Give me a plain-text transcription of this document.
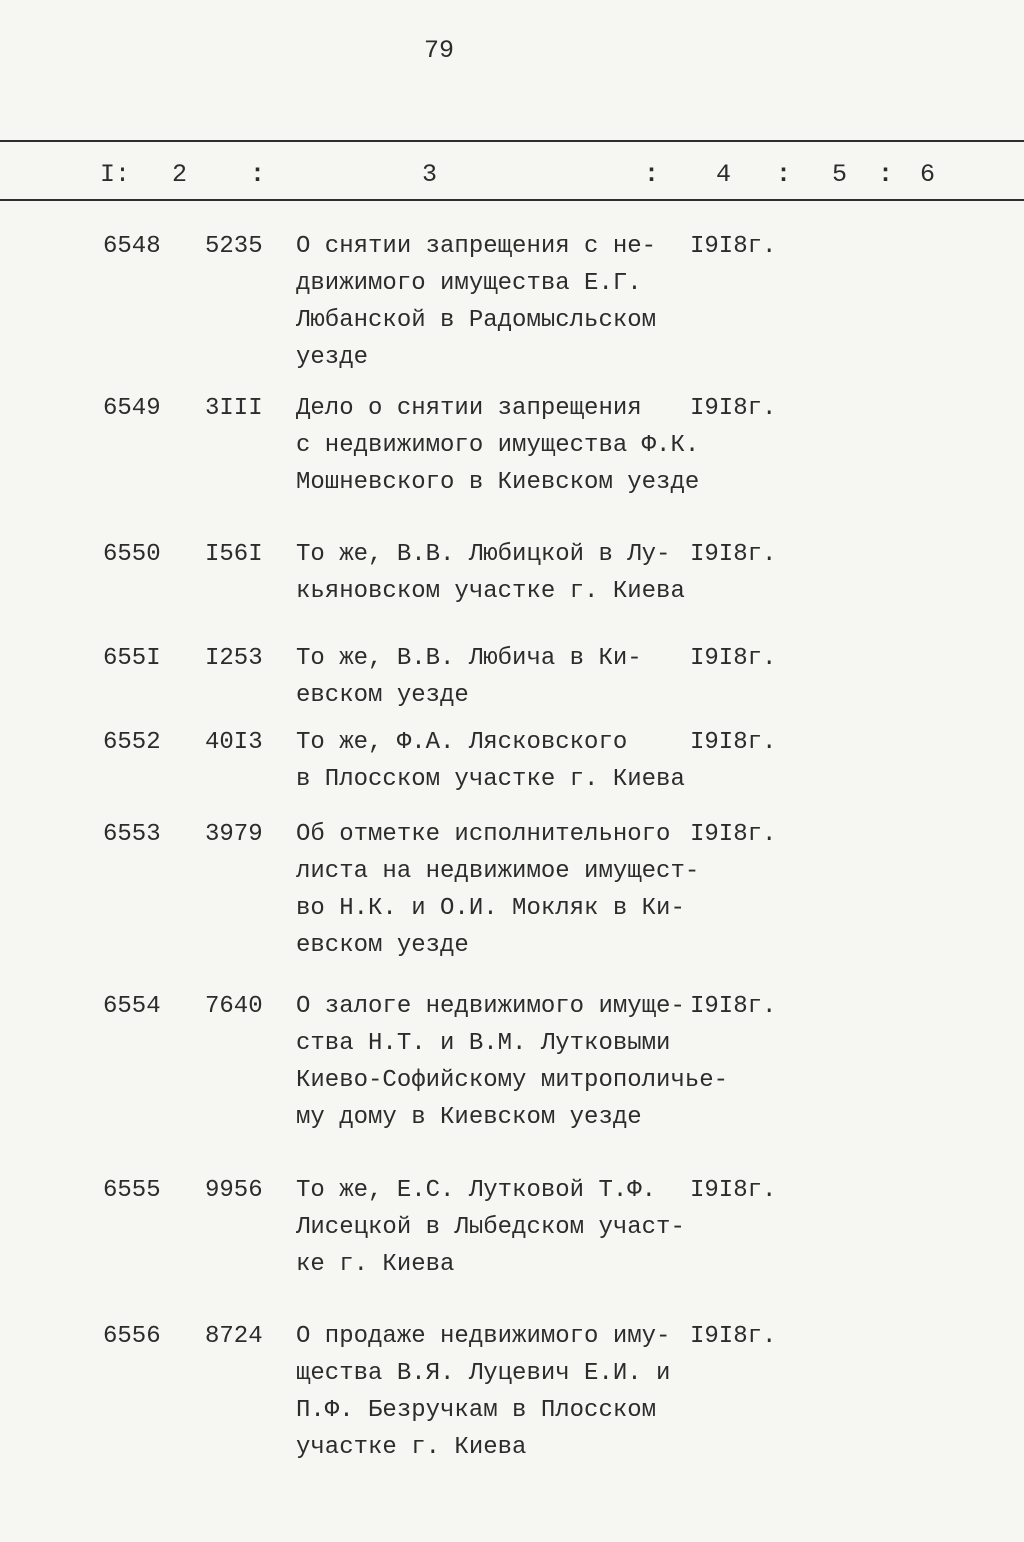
79
I: 2	:	3	: 4 : 5 : 6
6548	5235	О снятии запрещения с не-
движимого имущества Е.Г.
Любанской в Радомысльском
уезде
I9I8г.
6549	3III	Дело о снятии запрещения
с недвижимого имущества Ф.К.
Мошневского в Киевском уезде
I9I8г.
6550	I56I	То же, В.В. Любицкой в Лу-
кьяновском участке г. Киева
I9I8г.
655I	I253	То же, В.В. Любича в Ки-
евском уезде
I9I8г.
6552	40I3	То же, Ф.А. Лясковского
в Плосском участке г. Киева
I9I8г.
6553	3979	Об отметке исполнительного
листа на недвижимое имущест-
во Н.К. и О.И. Мокляк в Ки-
евском уезде
I9I8г.
6554	7640	О залоге недвижимого имуще-
ства Н.Т. и В.М. Лутковыми
Киево-Софийскому митрополичье-
му дому в Киевском уезде
I9I8г.
6555	9956	То же, Е.С. Лутковой Т.Ф.
Лисецкой в Лыбедском участ-
ке г. Киева
I9I8г.
6556	8724	О продаже недвижимого иму-
щества В.Я. Луцевич Е.И. и
П.Ф. Безручкам в Плосском
участке г. Киева
I9I8г.
